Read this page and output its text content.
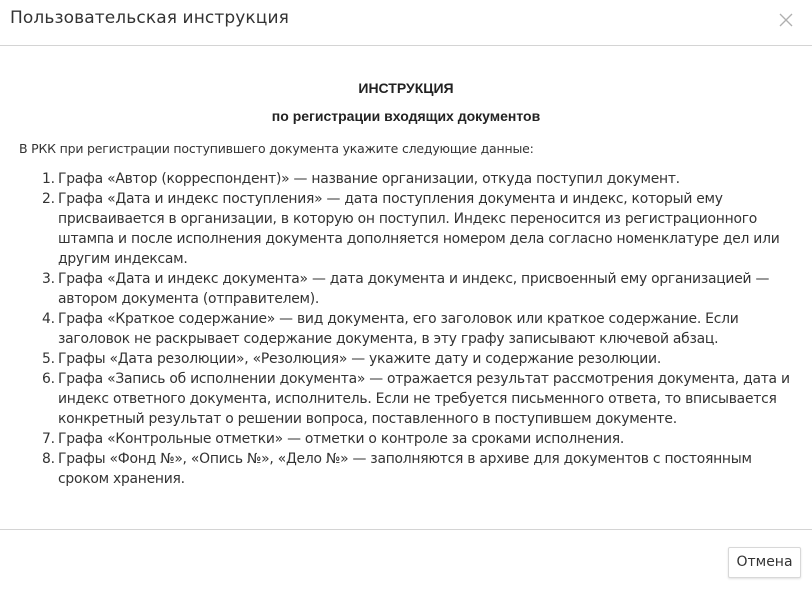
Пользовательская инструкция
ИНСТРУКЦИЯ
по регистрации входящих документов
В РКК при регистрации поступившего документа укажите следующие данные:
1. Графа «Автор (корреспондент)» — название организации, откуда поступил документ.
2. Графа «Дата и индекс поступления» — дата поступления документа и индекс, который ему присваивается в организации, в которую он поступил. Индекс переносится из регистрационного штампа и после исполнения документа дополняется номером дела согласно номенклатуре дел или другим индексам.
3. Графа «Дата и индекс документа» — дата документа и индекс, присвоенный ему организацией — автором документа (отправителем).
4. Графа «Краткое содержание» — вид документа, его заголовок или краткое содержание. Если заголовок не раскрывает содержание документа, в эту графу записывают ключевой абзац.
5. Графы «Дата резолюции», «Резолюция» — укажите дату и содержание резолюции.
6. Графа «Запись об исполнении документа» — отражается результат рассмотрения документа, дата и индекс ответного документа, исполнитель. Если не требуется письменного ответа, то вписывается конкретный результат о решении вопроса, поставленного в поступившем документе.
7. Графа «Контрольные отметки» — отметки о контроле за сроками исполнения.
8. Графы «Фонд №», «Опись №», «Дело №» — заполняются в архиве для документов с постоянным сроком хранения.
Отмена
